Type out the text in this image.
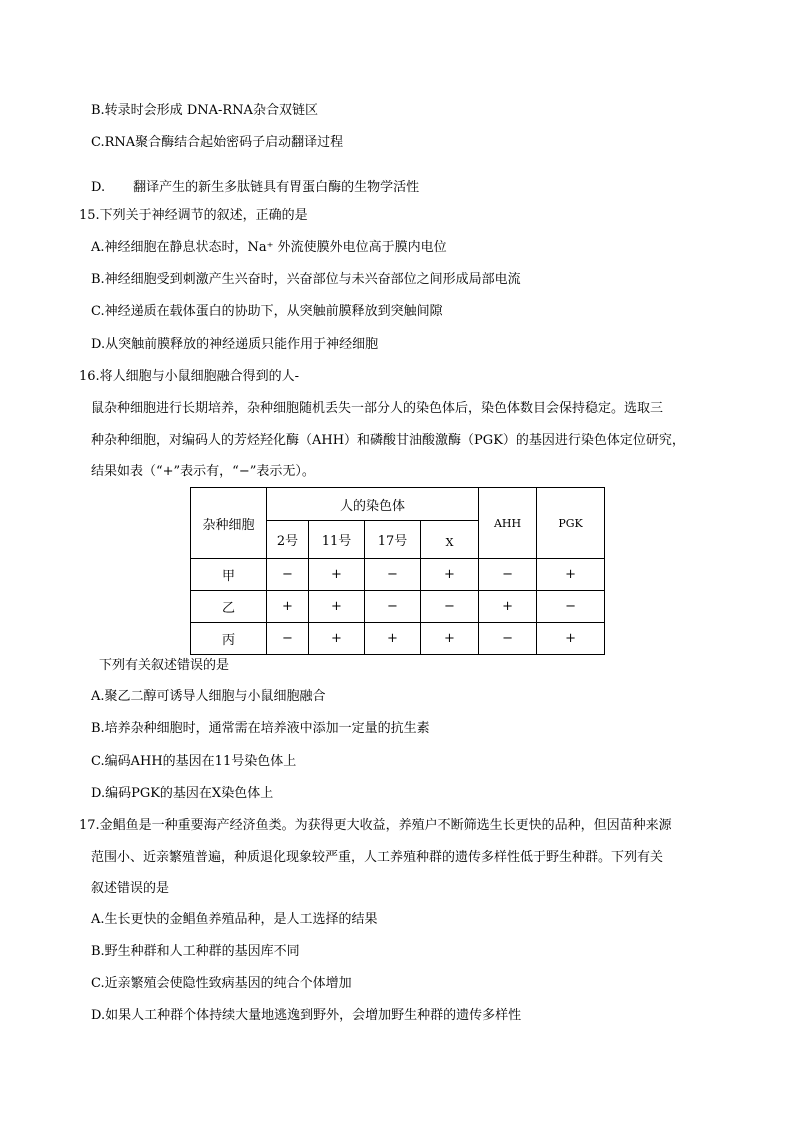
B.转录时会形成 DNA-RNA杂合双链区
C.RNA聚合酶结合起始密码子启动翻译过程
D. 翻译产生的新生多肽链具有胃蛋白酶的生物学活性
15.下列关于神经调节的叙述，正确的是
A.神经细胞在静息状态时，Na⁺ 外流使膜外电位高于膜内电位
B.神经细胞受到刺激产生兴奋时，兴奋部位与未兴奋部位之间形成局部电流
C.神经递质在载体蛋白的协助下，从突触前膜释放到突触间隙
D.从突触前膜释放的神经递质只能作用于神经细胞
16.将人细胞与小鼠细胞融合得到的人-
鼠杂种细胞进行长期培养，杂种细胞随机丢失一部分人的染色体后，染色体数目会保持稳定。选取三
种杂种细胞，对编码人的芳烃羟化酶（AHH）和磷酸甘油酸激酶（PGK）的基因进行染色体定位研究，
结果如表（“+”表示有，“−”表示无）。
杂种细胞	人的染色体				AHH	PGK
	2号	11号	17号	X		
甲	−	+	−	+	−	+
乙	+	+	−	−	+	−
丙	−	+	+	+	−	+
下列有关叙述错误的是
A.聚乙二醇可诱导人细胞与小鼠细胞融合
B.培养杂种细胞时，通常需在培养液中添加一定量的抗生素
C.编码AHH的基因在11号染色体上
D.编码PGK的基因在X染色体上
17.金鲳鱼是一种重要海产经济鱼类。为获得更大收益，养殖户不断筛选生长更快的品种，但因苗种来源
范围小、近亲繁殖普遍，种质退化现象较严重，人工养殖种群的遗传多样性低于野生种群。下列有关
叙述错误的是
A.生长更快的金鲳鱼养殖品种，是人工选择的结果
B.野生种群和人工种群的基因库不同
C.近亲繁殖会使隐性致病基因的纯合个体增加
D.如果人工种群个体持续大量地逃逸到野外，会增加野生种群的遗传多样性
